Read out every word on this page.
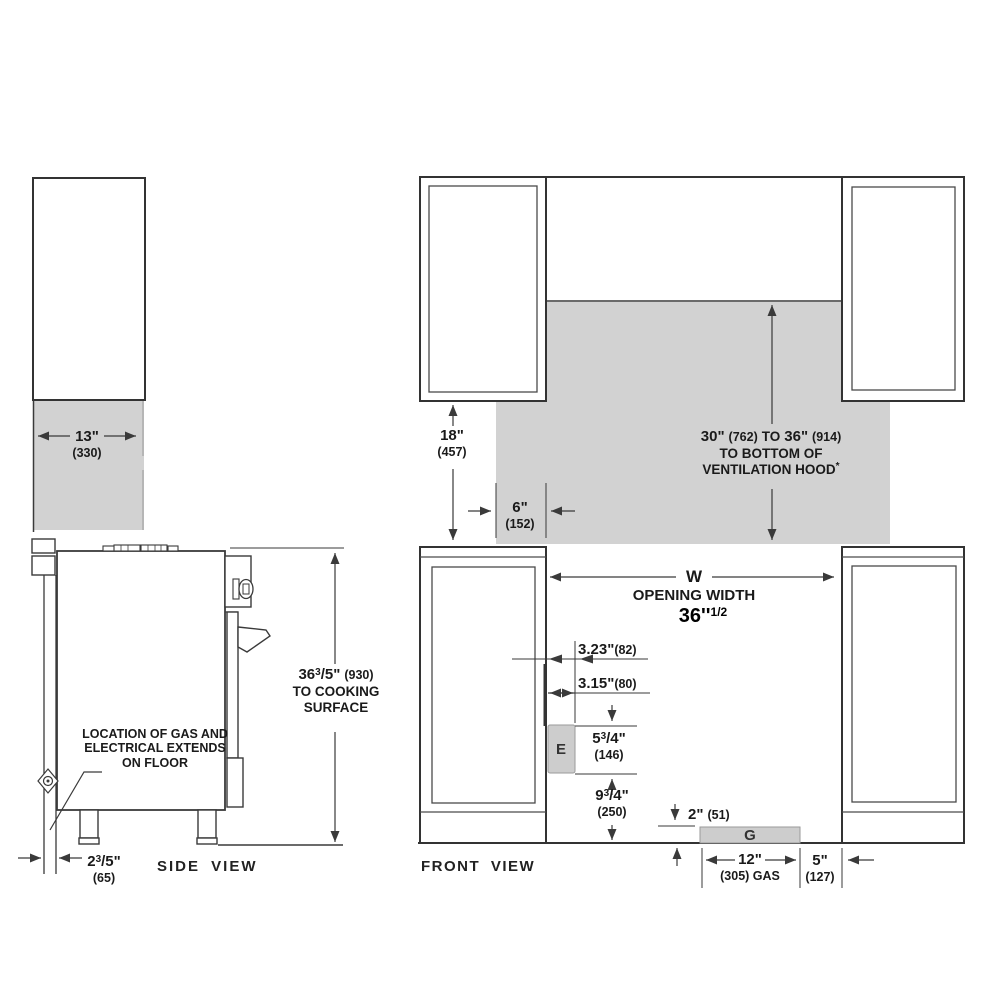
13"
(330)
$36^3/5$" (930)
TO COOKING
SURFACE
LOCATION OF GAS AND
ELECTRICAL EXTENDS
ON FLOOR
$2^3/5$"
(65)
SIDE VIEW
18"
(457)
6"
(152)
30" (762) TO 36" (914)
TO BOTTOM OF
VENTILATION HOOD*
W
OPENING WIDTH
$36''^{1/2}$
3.23"(82)
3.15"(80)
E
$5^3/4$"
(146)
$9^3/4$"
(250)	2" (51)
G
12"
(305) GAS
5"
(127)
FRONT VIEW
